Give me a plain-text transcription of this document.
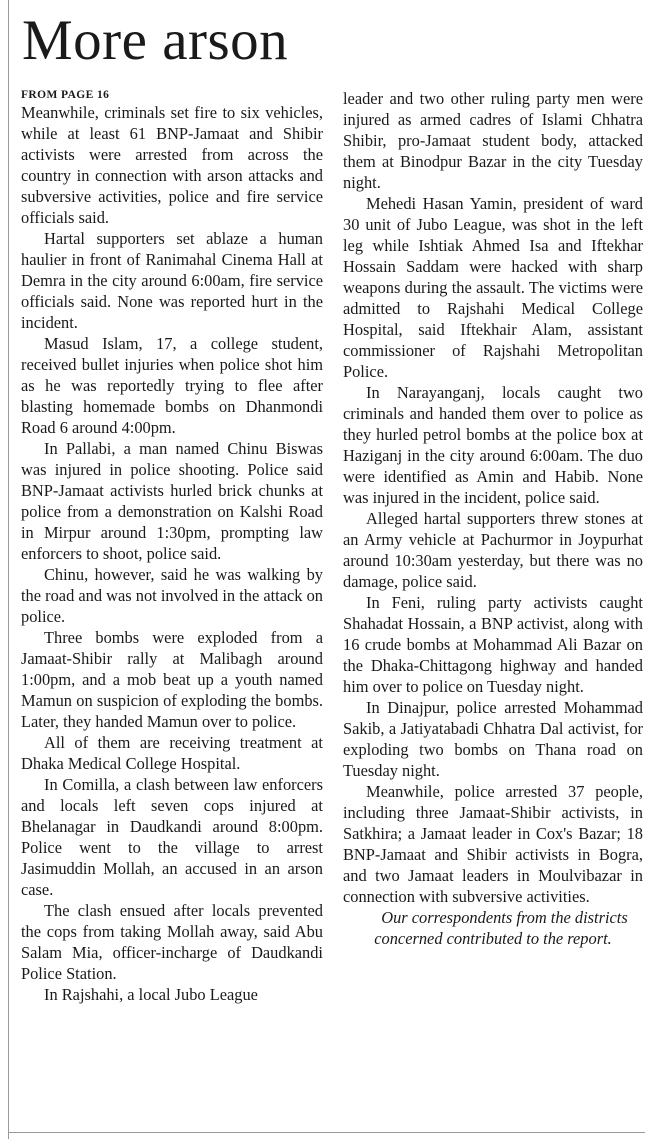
More arson
FROM PAGE 16

Meanwhile, criminals set fire to six vehicles, while at least 61 BNP-Jamaat and Shibir activists were arrested from across the country in connection with arson attacks and subversive activities, police and fire service officials said.

Hartal supporters set ablaze a human haulier in front of Ranimahal Cinema Hall at Demra in the city around 6:00am, fire service officials said. None was reported hurt in the incident.

Masud Islam, 17, a college student, received bullet injuries when police shot him as he was reportedly trying to flee after blasting homemade bombs on Dhanmondi Road 6 around 4:00pm.

In Pallabi, a man named Chinu Biswas was injured in police shooting. Police said BNP-Jamaat activists hurled brick chunks at police from a demonstration on Kalshi Road in Mirpur around 1:30pm, prompting law enforcers to shoot, police said.

Chinu, however, said he was walking by the road and was not involved in the attack on police.

Three bombs were exploded from a Jamaat-Shibir rally at Malibagh around 1:00pm, and a mob beat up a youth named Mamun on suspicion of exploding the bombs. Later, they handed Mamun over to police.

All of them are receiving treatment at Dhaka Medical College Hospital.

In Comilla, a clash between law enforcers and locals left seven cops injured at Bhelanagar in Daudkandi around 8:00pm. Police went to the village to arrest Jasimuddin Mollah, an accused in an arson case.

The clash ensued after locals prevented the cops from taking Mollah away, said Abu Salam Mia, officer-incharge of Daudkandi Police Station.

In Rajshahi, a local Jubo League

leader and two other ruling party men were injured as armed cadres of Islami Chhatra Shibir, pro-Jamaat student body, attacked them at Binodpur Bazar in the city Tuesday night.

Mehedi Hasan Yamin, president of ward 30 unit of Jubo League, was shot in the left leg while Ishtiak Ahmed Isa and Iftekhar Hossain Saddam were hacked with sharp weapons during the assault. The victims were admitted to Rajshahi Medical College Hospital, said Iftekhair Alam, assistant commissioner of Rajshahi Metropolitan Police.

In Narayanganj, locals caught two criminals and handed them over to police as they hurled petrol bombs at the police box at Haziganj in the city around 6:00am. The duo were identified as Amin and Habib. None was injured in the incident, police said.

Alleged hartal supporters threw stones at an Army vehicle at Pachurmor in Joypurhat around 10:30am yesterday, but there was no damage, police said.

In Feni, ruling party activists caught Shahadat Hossain, a BNP activist, along with 16 crude bombs at Mohammad Ali Bazar on the Dhaka-Chittagong highway and handed him over to police on Tuesday night.

In Dinajpur, police arrested Mohammad Sakib, a Jatiyatabadi Chhatra Dal activist, for exploding two bombs on Thana road on Tuesday night.

Meanwhile, police arrested 37 people, including three Jamaat-Shibir activists, in Satkhira; a Jamaat leader in Cox's Bazar; 18 BNP-Jamaat and Shibir activists in Bogra, and two Jamaat leaders in Moulvibazar in connection with subversive activities.

Our correspondents from the districts concerned contributed to the report.
